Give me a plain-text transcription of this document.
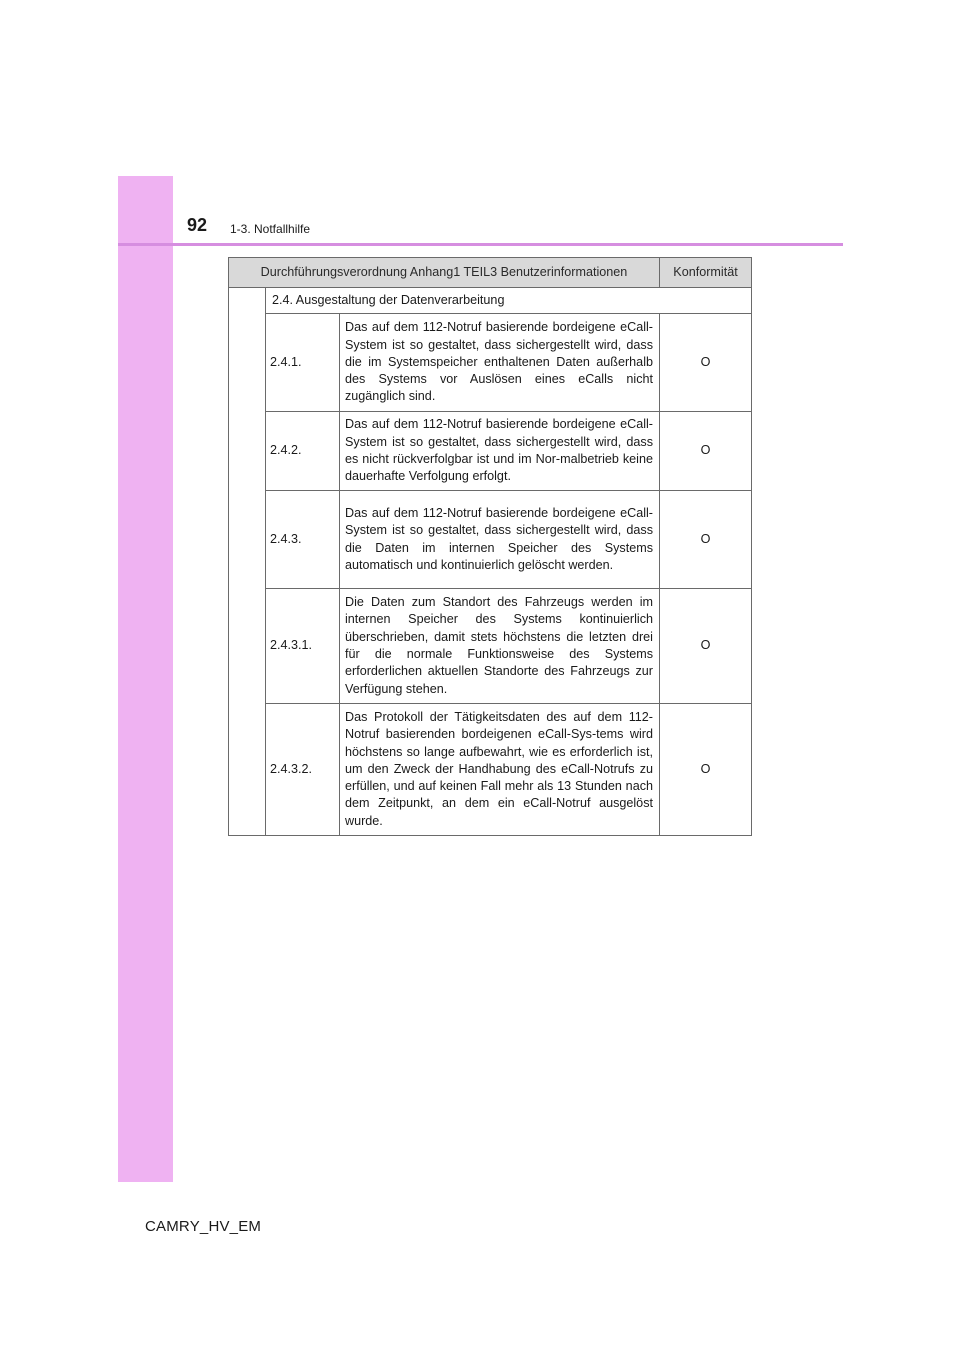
92 1-3. Notfallhilfe
Durchführungsverordnung Anhang1 TEIL3 Benutzerinformationen			Konformität
	2.4. Ausgestaltung der Datenverarbeitung		
	2.4.1.	Das auf dem 112-Notruf basierende bordeigene eCall-System ist so gestaltet, dass sichergestellt wird, dass die im Systemspeicher enthaltenen Daten außerhalb des Systems vor Auslösen eines eCalls nicht zugänglich sind.	O
	2.4.2.	Das auf dem 112-Notruf basierende bordeigene eCall-System ist so gestaltet, dass sichergestellt wird, dass es nicht rückverfolgbar ist und im Nor-malbetrieb keine dauerhafte Verfolgung erfolgt.	O
	2.4.3.	Das auf dem 112-Notruf basierende bordeigene eCall-System ist so gestaltet, dass sichergestellt wird, dass die Daten im internen Speicher des Systems automatisch und kontinuierlich gelöscht werden.	O
	2.4.3.1.	Die Daten zum Standort des Fahrzeugs werden im internen Speicher des Systems kontinuierlich überschrieben, damit stets höchstens die letzten drei für die normale Funktionsweise des Systems erforderlichen aktuellen Standorte des Fahrzeugs zur Verfügung stehen.	O
	2.4.3.2.	Das Protokoll der Tätigkeitsdaten des auf dem 112-Notruf basierenden bordeigenen eCall-Sys-tems wird höchstens so lange aufbewahrt, wie es erforderlich ist, um den Zweck der Handhabung des eCall-Notrufs zu erfüllen, und auf keinen Fall mehr als 13 Stunden nach dem Zeitpunkt, an dem ein eCall-Notruf ausgelöst wurde.	O
CAMRY_HV_EM
